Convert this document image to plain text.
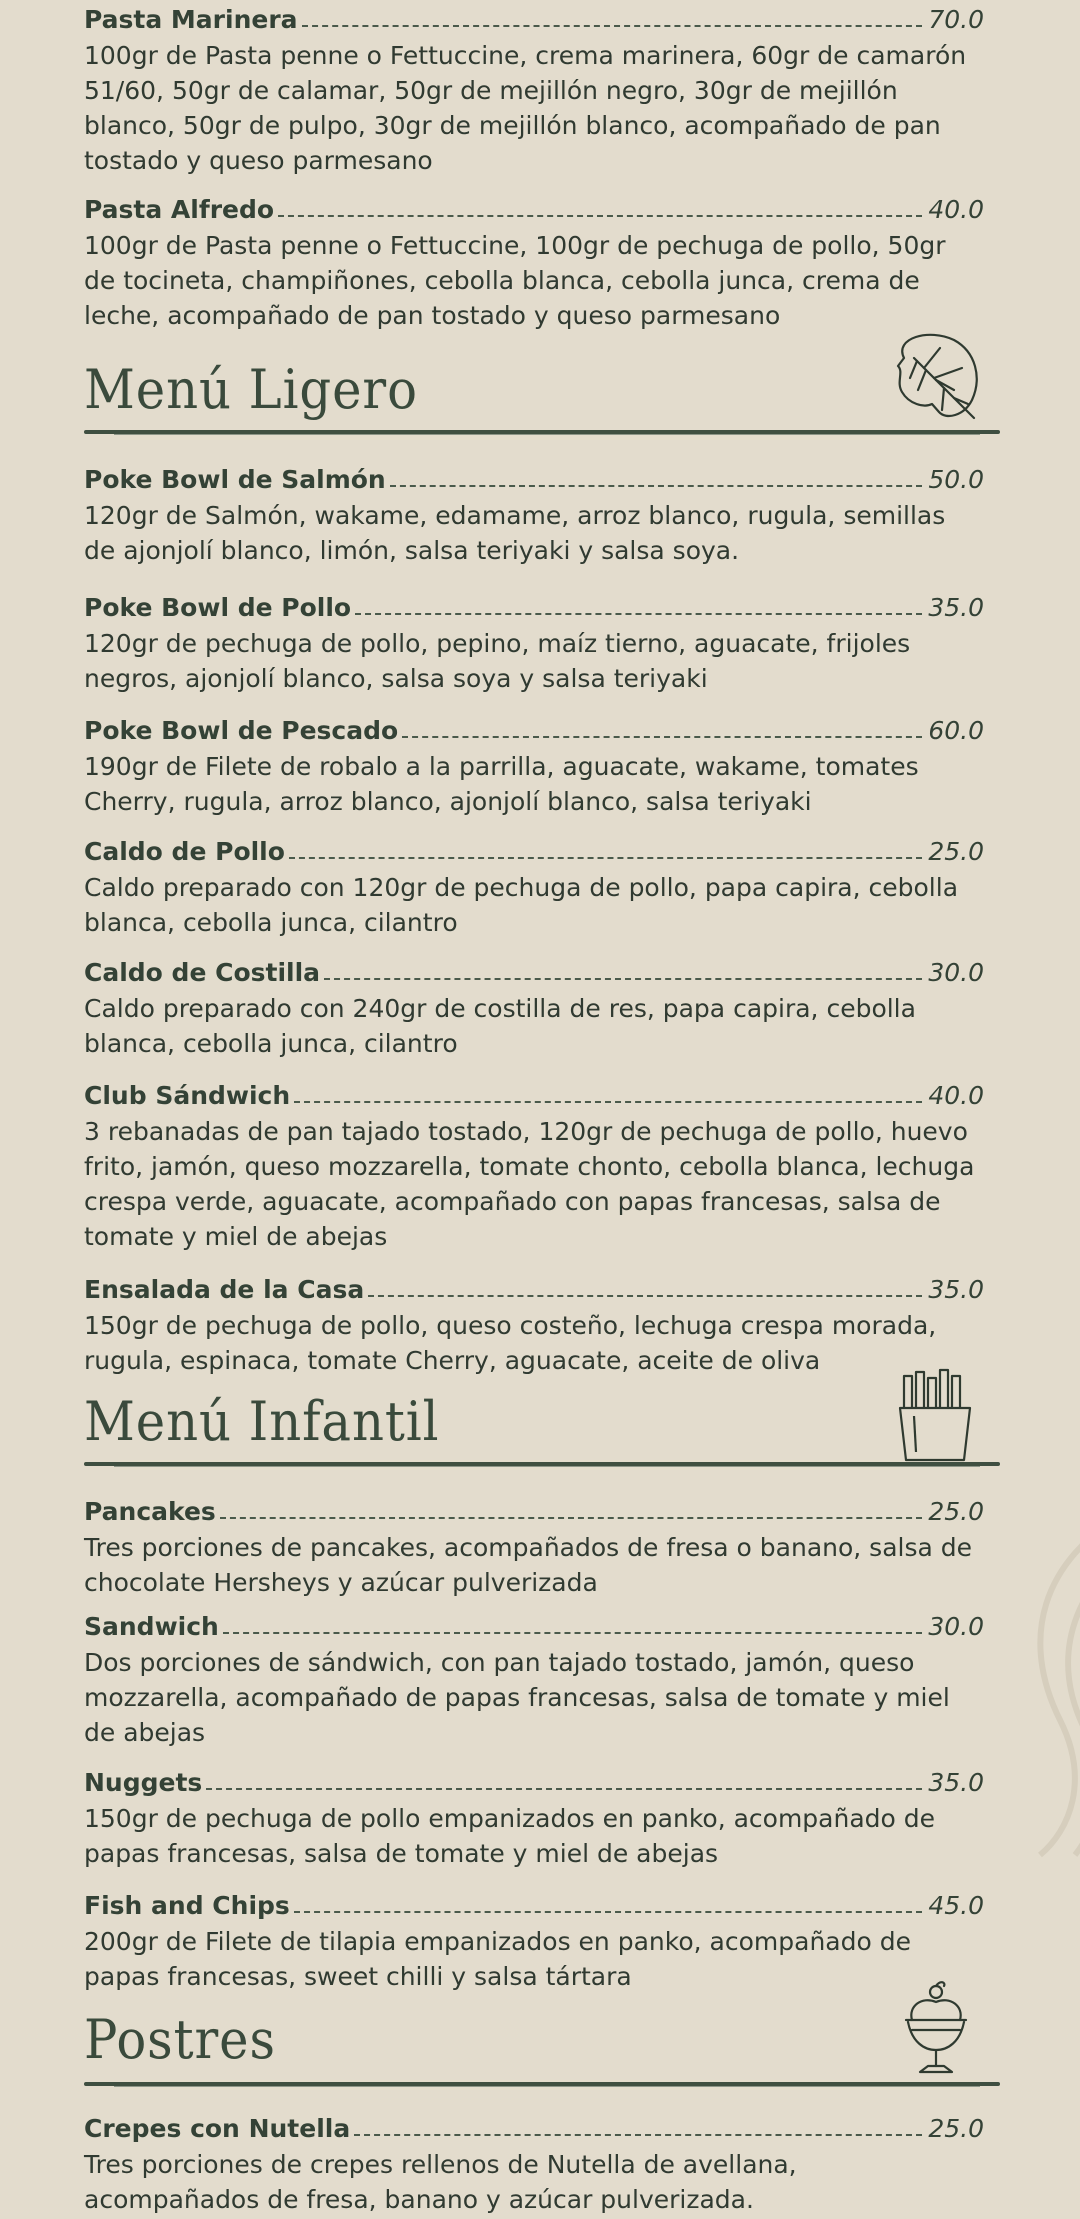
Pasta Marinera	70.0
100gr de Pasta penne o Fettuccine, crema marinera, 60gr de camarón 51/60, 50gr de calamar, 50gr de mejillón negro, 30gr de mejillón blanco, 50gr de pulpo, 30gr de mejillón blanco, acompañado de pan tostado y queso parmesano
Pasta Alfredo	40.0
100gr de Pasta penne o Fettuccine, 100gr de pechuga de pollo, 50gr de tocineta, champiñones, cebolla blanca, cebolla junca, crema de leche, acompañado de pan tostado y queso parmesano
Menú Ligero
Poke Bowl de Salmón	50.0
120gr de Salmón, wakame, edamame, arroz blanco, rugula, semillas de ajonjolí blanco, limón, salsa teriyaki y salsa soya.
Poke Bowl de Pollo	35.0
120gr de pechuga de pollo, pepino, maíz tierno, aguacate, frijoles negros, ajonjolí blanco, salsa soya y salsa teriyaki
Poke Bowl de Pescado	60.0
190gr de Filete de robalo a la parrilla, aguacate, wakame, tomates Cherry, rugula, arroz blanco, ajonjolí blanco, salsa teriyaki
Caldo de Pollo	25.0
Caldo preparado con 120gr de pechuga de pollo, papa capira, cebolla blanca, cebolla junca, cilantro
Caldo de Costilla	30.0
Caldo preparado con 240gr de costilla de res, papa capira, cebolla blanca, cebolla junca, cilantro
Club Sándwich	40.0
3 rebanadas de pan tajado tostado, 120gr de pechuga de pollo, huevo frito, jamón, queso mozzarella, tomate chonto, cebolla blanca, lechuga crespa verde, aguacate, acompañado con papas francesas, salsa de tomate y miel de abejas
Ensalada de la Casa	35.0
150gr de pechuga de pollo, queso costeño, lechuga crespa morada, rugula, espinaca, tomate Cherry, aguacate, aceite de oliva
Menú Infantil
Pancakes	25.0
Tres porciones de pancakes, acompañados de fresa o banano, salsa de chocolate Hersheys y azúcar pulverizada
Sandwich	30.0
Dos porciones de sándwich, con pan tajado tostado, jamón, queso mozzarella, acompañado de papas francesas, salsa de tomate y miel de abejas
Nuggets	35.0
150gr de pechuga de pollo empanizados en panko, acompañado de papas francesas, salsa de tomate y miel de abejas
Fish and Chips	45.0
200gr de Filete de tilapia empanizados en panko, acompañado de papas francesas, sweet chilli y salsa tártara
Postres
Crepes con Nutella	25.0
Tres porciones de crepes rellenos de Nutella de avellana, acompañados de fresa, banano y azúcar pulverizada.
